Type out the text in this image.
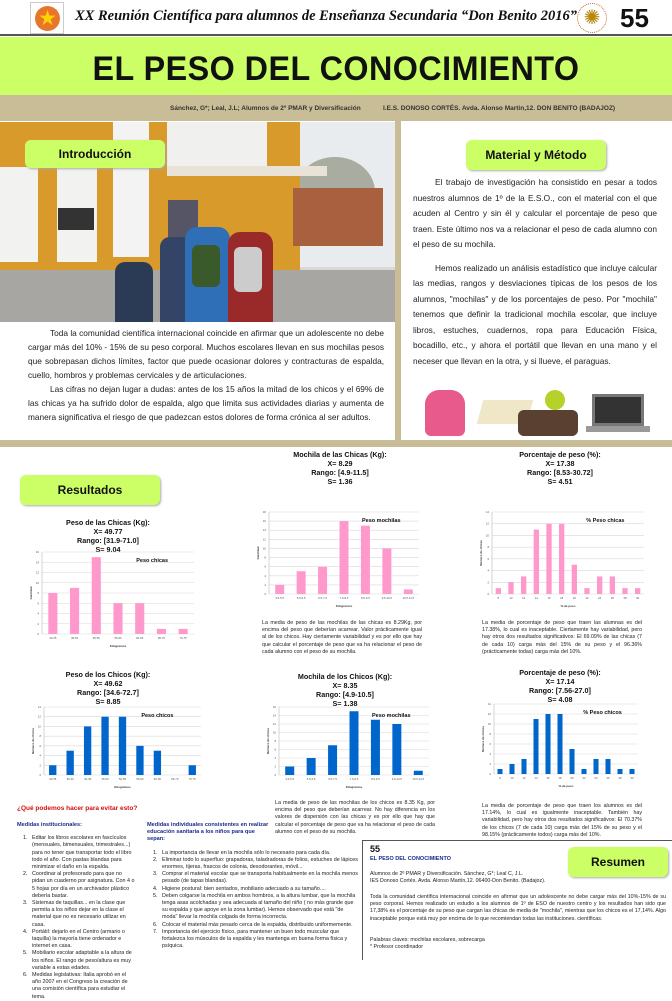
★ XX Reunión Científica para alumnos de Enseñanza Secundaria “Don Benito 2016” ✺ 55
EL PESO DEL CONOCIMIENTO
Sánchez, G*; Leal, J.L; Alumnos de 2º PMAR y Diversificación	I.E.S. DONOSO CORTÉS. Avda. Alonso Martin,12. DON BENITO (BADAJOZ)
Introducción

Toda la comunidad científica internacional coincide en afirmar que un adolescente no debe cargar más del 10% - 15% de su peso corporal. Muchos escolares llevan en sus mochilas pesos que sobrepasan dichos límites, factor que puede ocasionar dolores y contracturas de espalda, cuello, hombros y problemas cervicales y de articulaciones.

Las cifras no dejan lugar a dudas: antes de los 15 años la mitad de los chicos y el 69% de las chicas ya ha sufrido dolor de espalda, algo que limita sus actividades diarias y aumenta de manera significativa el riesgo de que padezcan estos dolores de forma crónica al ser adultos.

Material y Método

El trabajo de investigación ha consistido en pesar a todos nuestros alumnos de 1º de la E.S.O., con el material con el que acuden al Centro y sin él y calcular el porcentaje de peso que traen. Este último nos va a relacionar el peso de cada alumno con el peso de su mochila.

Hemos realizado un análisis estadístico que incluye calcular las medias, rangos y desviaciones típicas de los pesos de los alumnos, "mochilas" y de los porcentajes de peso. Por "mochila" tenemos que definir la tradicional mochila escolar, que incluye libros, estuches, cuadernos, ropa para Educación Física, bocadillo, etc., y ahora el portátil que llevan en una mano y el neceser que llevan en la otra, y si llueve, el paraguas.

Resultados
Peso de las Chicas (Kg):
X= 49.77
Rango: [31.9-71.0]
S= 9.04
0
2
4
6
8
10
12
14
16
40-45	45-50	50-55	55-60	60-65	65-70	70-75
Peso chicas
Kilogramos
Cantidad
Mochila de las Chicas (Kg):
X= 8.29
Rango: [4.9-11.5]
S= 1.36
La media de peso de las mochilas de las chicas es 8.29Kg, por encima del peso que deberían acarrear. Valor prácticamente igual al de los chicos. Hay ciertamente variabilidad y es por ello que hay que calcular el porcentaje de peso que va ha relacionar el peso de cada alumno con el peso de su mochila.
0
2
4
6
8
10
12
14
16
18
4.5-5.5	5.5-6.5	6.5-7.5	7.5-8.5	8.5-9.5	9.5-10.5	10.5-11.5
Peso mochilas
Kilogramos
Cantidad
Porcentaje de peso (%):
X= 17.38
Rango: [8.53-30.72]
S= 4.51
La media de porcentaje de peso que traen las alumnas es del 17.38%, lo cual es inaceptable. Ciertamente hay variabilidad, pero hay otros dos resultados significativos: El 69.09% de las chicas (7 de cada 10) carga más del 15% de su peso y el 96.36% (prácticamente todas) carga más del 10%.
0
2
4
6
8
10
12
14
8	10	12	14	16	18	20	22	24	26	28	30
% Peso chicas
% de peso
Número de chicas
Peso de los Chicos (Kg):
X= 49.62
Rango: [34.6-72.7]
S= 8.85
0
2
4
6
8
10
12
14
30-35	35-40	40-45	45-50	50-55	55-60	60-65	65-70	70-75
Peso chicos
Kilogramos
Número de chicos
Mochila de los Chicos (Kg):
X= 8.35
Rango: [4.9-10.5]
S= 1.38
La media de peso de las mochilas de los chicos es 8.35 Kg, por encima del peso que deberían acarrear. No hay diferencia en los valores de dispersión con las chicas y es por ello que hay que calcular el porcentaje de peso que va ha relacionar el peso de cada alumno con el peso de su mochila.
0
2
4
6
8
10
12
14
16
4.5-5.5	5.5-6.5	6.5-7.5	7.5-8.5	8.5-9.5	9.5-10.5	10.5-11.5
Peso mochilas
Kilogramos
Número de chicos
Porcentaje de peso (%):
X= 17.14
Rango: [7.56-27.0]
S= 4.08
La media de porcentaje de peso que traen los alumnos es del 17.14%, lo cual es igualmente inaceptable. También hay variabilidad, pero hay otros dos resultados significativos: El 70.37% de los chicos (7 de cada 10) carga más del 15% de su peso y el 98.15% (prácticamente todos) carga más del 10%.
0
2
4
6
8
10
12
14
8	10	12	14	16	18	20	22	24	26	28	30
% Peso chicos
% de peso
Número de chicos
¿Qué podemos hacer para evitar esto?
Medidas institucionales:
1. Editar los libros escolares en fascículos (mensuales, bimensuales, trimestrales...) para no tener que transportar todo el libro todo el año. Con pastas blandas para minimizar el daño en la espalda.
2. Coordinar al profesorado para que no pidan un cuaderno por asignatura. Con 4 o 5 hojas por día en un archivador plástico debería bastar.
3. Sistemas de taquillas... en la clase que permita a los niños dejar en la clase el material que no es necesario utilizar en casa.
4. Portátil: dejarlo en el Centro (armario o taquilla) la mayoría tiene ordenador e internet en casa.
5. Mobiliario escolar adaptable a la altura de los niños. El rango de peso/altura es muy variable a estas edades.
6. Medidas legislativas: Italia aprobó en el año 2007 en el Congreso la creación de una comisión científica para estudiar el tema.
Medidas individuales consistentes en realizar educación sanitaria a los niños para que sepan:
1. La importancia de llevar en la mochila sólo lo necesario para cada día.
2. Eliminar todo lo superfluo: grapadoras, taladradoras de folios, estuches de lápices enormes, tijeras, frascos de colonia, desodorantes, móvil...
3. Comprar el material escolar que se transporta habitualmente en la mochila menos pesado (de tapas blandas).
4. Higiene postural: bien sentados, mobiliario adecuado a su tamaño....
5. Deben colgarse la mochila en ambos hombros, a la altura lumbar, que la mochila tenga asas acolchadas y sea adecuada al tamaño del niño ( no más grande que su espalda y que apoye en la zona lumbar). Hemos observado que está "de moda" llevar la mochila colgada de forma incorrecta.
6. Colocar el material más pesado cerca de la espalda, distribuido uniformemente.
7. Importancia del ejercicio físico, para mantener un buen todo muscular que fortalezca los músculos de la espalda y les mantenga en buena forma física y psíquica.
55
EL PESO DEL CONOCIMIENTO	Resumen
Alumnos de 2º PMAR y Diversificación. Sánchez, G*; Leal C, J.L.
IES Donoso Cortés. Avda. Alonso Martín,12. 06400-Don Benito. (Badajoz).
Toda la comunidad científica internacional coincide en afirmar que un adolescente no debe cargar más del 10%-15% de su peso corporal. Hemos realizado un estudio a los alumnos de 1º de ESO de nuestro centro y los resultados han sido que 17,38% es el porcentaje de su peso que cargan las chicas de media de "mochila", mientras que los chicos es el 17,14%. Algo inaceptable porque está muy por encima de lo que recomiendan todas las instituciones. científicas.
Palabras claves: mochilas escolares, sobrecarga
* Profesor coordinador
